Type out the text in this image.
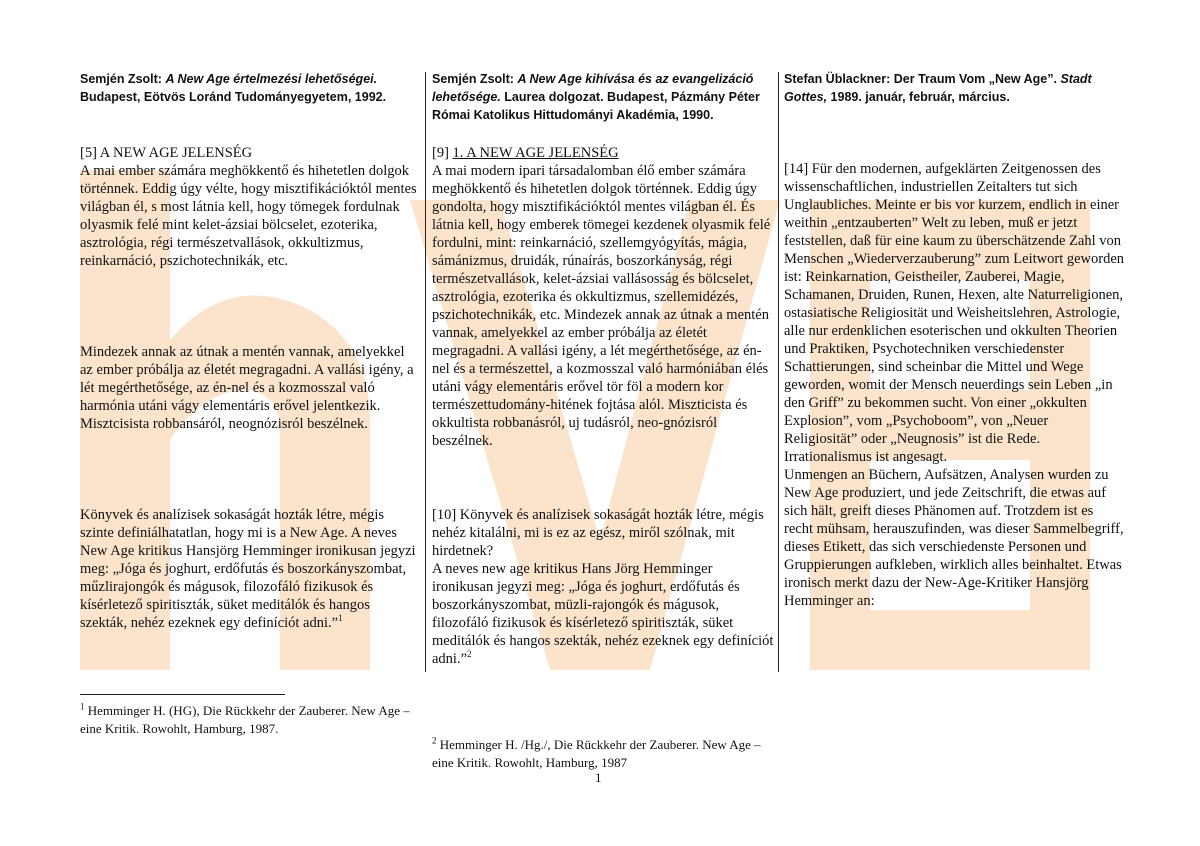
Semjén Zsolt: A New Age értelmezési lehetőségei. Budapest, Eötvös Loránd Tudományegyetem, 1992.
[5] A NEW AGE JELENSÉG

A mai ember számára meghökkentő és hihetetlen dolgok történnek. Eddig úgy vélte, hogy misztifikációktól mentes világban él, s most látnia kell, hogy tömegek fordulnak olyasmik felé mint kelet-ázsiai bölcselet, ezoterika, asztrológia, régi természetvallások, okkultizmus, reinkarnáció, pszichotechnikák, etc.

Mindezek annak az útnak a mentén vannak, amelyekkel az ember próbálja az életét megragadni. A vallási igény, a lét megérthetősége, az én-nel és a kozmosszal való harmónia utáni vágy elementáris erővel jelentkezik. Misztcisista robbansáról, neognózisról beszélnek.

Könyvek és analízisek sokaságát hozták létre, mégis szinte definiálhatatlan, hogy mi is a New Age. A neves New Age kritikus Hansjörg Hemminger ironikusan jegyzi meg: „Jóga és joghurt, erdőfutás és boszorkányszombat, műzlirajongók és mágusok, filozofáló fizikusok és kísérletező spiritiszták, süket meditálók és hangos szekták, nehéz ezeknek egy definíciót adni.”$^1$

Semjén Zsolt: A New Age kihívása és az evangelizáció lehetősége. Laurea dolgozat. Budapest, Pázmány Péter Római Katolikus Hittudományi Akadémia, 1990.
[9] 1. A NEW AGE JELENSÉG

A mai modern ipari társadalomban élő ember számára meghökkentő és hihetetlen dolgok történnek. Eddig úgy gondolta, hogy misztifikációktól mentes világban él. És látnia kell, hogy emberek tömegei kezdenek olyasmik felé fordulni, mint: reinkarnáció, szellemgyógyítás, mágia, sámánizmus, druidák, rúnaírás, boszorkányság, régi természetvallások, kelet-ázsiai vallásosság és bölcselet, asztrológia, ezoterika és okkultizmus, szellemidézés, pszichotechnikák, etc. Mindezek annak az útnak a mentén vannak, amelyekkel az ember próbálja az életét megragadni. A vallási igény, a lét megérthetősége, az én-nel és a természettel, a kozmosszal való harmóniában élés utáni vágy elementáris erővel tör föl a modern kor természettudomány-hitének fojtása alól. Miszticista és okkultista robbanásról, uj tudásról, neo-gnózisról beszélnek.

[10] Könyvek és analízisek sokaságát hozták létre, mégis nehéz kitalálni, mi is ez az egész, miről szólnak, mit hirdetnek?
A neves new age kritikus Hans Jörg Hemminger ironikusan jegyzi meg: „Jóga és joghurt, erdőfutás és boszorkányszombat, müzli-rajongók és mágusok, filozofáló fizikusok és kísérletező spiritiszták, süket meditálók és hangos szekták, nehéz ezeknek egy definíciót adni.”$^2$

Stefan Üblackner: Der Traum Vom „New Age”. Stadt Gottes, 1989. január, február, március.

[14] Für den modernen, aufgeklärten Zeitgenossen des wissenschaftlichen, industriellen Zeitalters tut sich Unglaubliches. Meinte er bis vor kurzem, endlich in einer weithin „entzauberten” Welt zu leben, muß er jetzt feststellen, daß für eine kaum zu überschätzende Zahl von Menschen „Wiederverzauberung” zum Leitwort geworden ist: Reinkarnation, Geistheiler, Zauberei, Magie, Schamanen, Druiden, Runen, Hexen, alte Naturreligionen, ostasiatische Religiosität und Weisheitslehren, Astrologie, alle nur erdenklichen esoterischen und okkulten Theorien und Praktiken, Psychotechniken verschiedenster Schattierungen, sind scheinbar die Mittel und Wege geworden, womit der Mensch neuerdings sein Leben „in den Griff” zu bekommen sucht. Von einer „okkulten Explosion”, vom „Psychoboom”, von „Neuer Religiosität” oder „Neugnosis” ist die Rede. Irrationalismus ist angesagt.
Unmengen an Büchern, Aufsätzen, Analysen wurden zu New Age produziert, und jede Zeitschrift, die etwas auf sich hält, greift dieses Phänomen auf. Trotzdem ist es recht mühsam, herauszufinden, was dieser Sammelbegriff, dieses Etikett, das sich verschiedenste Personen und Gruppierungen aufkleben, wirklich alles beinhaltet. Etwas ironisch merkt dazu der New-Age-Kritiker Hansjörg Hemminger an:

$^1$ Hemminger H. (HG), Die Rückkehr der Zauberer. New Age – eine Kritik. Rowohlt, Hamburg, 1987.
$^2$ Hemminger H. /Hg./, Die Rückkehr der Zauberer. New Age – eine Kritik. Rowohlt, Hamburg, 1987
1
